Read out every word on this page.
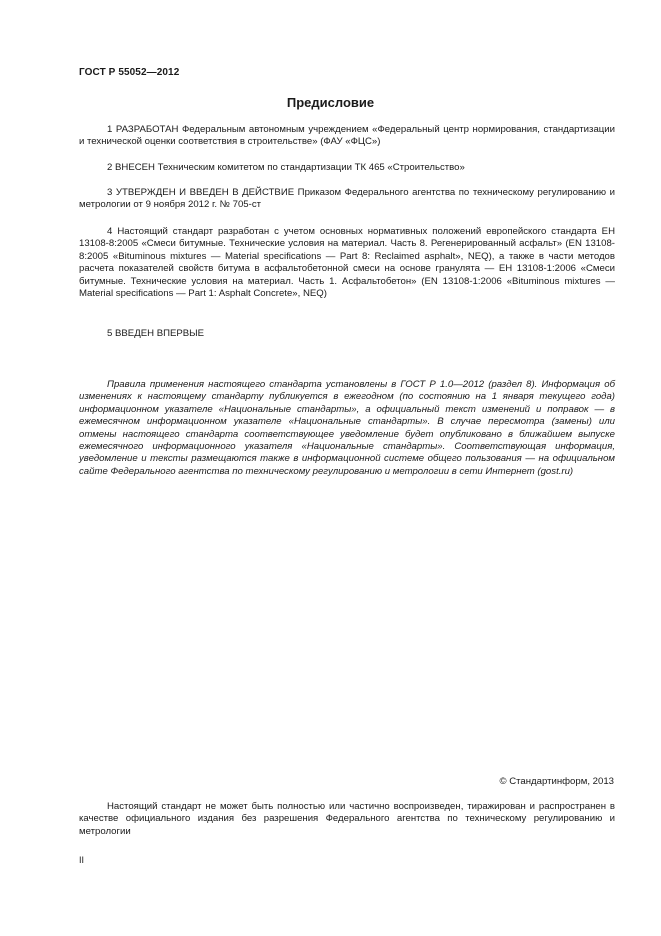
ГОСТ Р 55052—2012
Предисловие

1 РАЗРАБОТАН Федеральным автономным учреждением «Федеральный центр нормирования, стандартизации и технической оценки соответствия в строительстве» (ФАУ «ФЦС»)

2 ВНЕСЕН Техническим комитетом по стандартизации ТК 465 «Строительство»

3 УТВЕРЖДЕН И ВВЕДЕН В ДЕЙСТВИЕ Приказом Федерального агентства по техническому регулированию и метрологии от 9 ноября 2012 г. № 705-ст

4 Настоящий стандарт разработан с учетом основных нормативных положений европейского стандарта ЕН 13108-8:2005 «Смеси битумные. Технические условия на материал. Часть 8. Регенерированный асфальт» (EN 13108-8:2005 «Bituminous mixtures — Material specifications — Part 8: Reclaimed asphalt», NEQ), а также в части методов расчета показателей свойств битума в асфальтобетонной смеси на основе гранулята — ЕН 13108-1:2006 «Смеси битумные. Технические условия на материал. Часть 1. Асфальтобетон» (EN 13108-1:2006 «Bituminous mixtures — Material specifications — Part 1: Asphalt Concrete», NEQ)

5 ВВЕДЕН ВПЕРВЫЕ

Правила применения настоящего стандарта установлены в ГОСТ Р 1.0—2012 (раздел 8). Информация об изменениях к настоящему стандарту публикуется в ежегодном (по состоянию на 1 января текущего года) информационном указателе «Национальные стандарты», а официальный текст изменений и поправок — в ежемесячном информационном указателе «Национальные стандарты». В случае пересмотра (замены) или отмены настоящего стандарта соответствующее уведомление будет опубликовано в ближайшем выпуске ежемесячного информационного указателя «Национальные стандарты». Соответствующая информация, уведомление и тексты размещаются также в информационной системе общего пользования — на официальном сайте Федерального агентства по техническому регулированию и метрологии в сети Интернет (gost.ru)

© Стандартинформ, 2013

Настоящий стандарт не может быть полностью или частично воспроизведен, тиражирован и распространен в качестве официального издания без разрешения Федерального агентства по техническому регулированию и метрологии

II
